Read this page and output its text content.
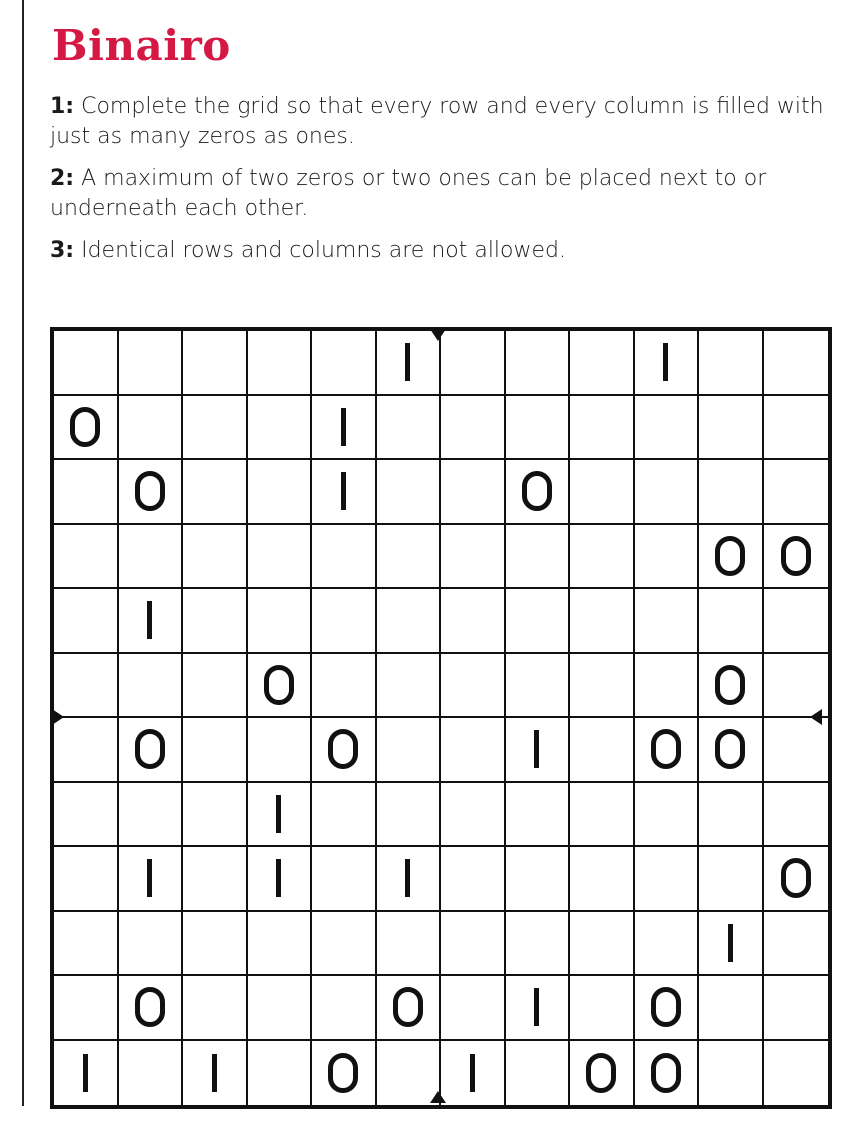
Binairo

1: Complete the grid so that every row and every column is filled with just as many zeros as ones.

2: A maximum of two zeros or two ones can be placed next to or underneath each other.

3: Identical rows and columns are not allowed.
